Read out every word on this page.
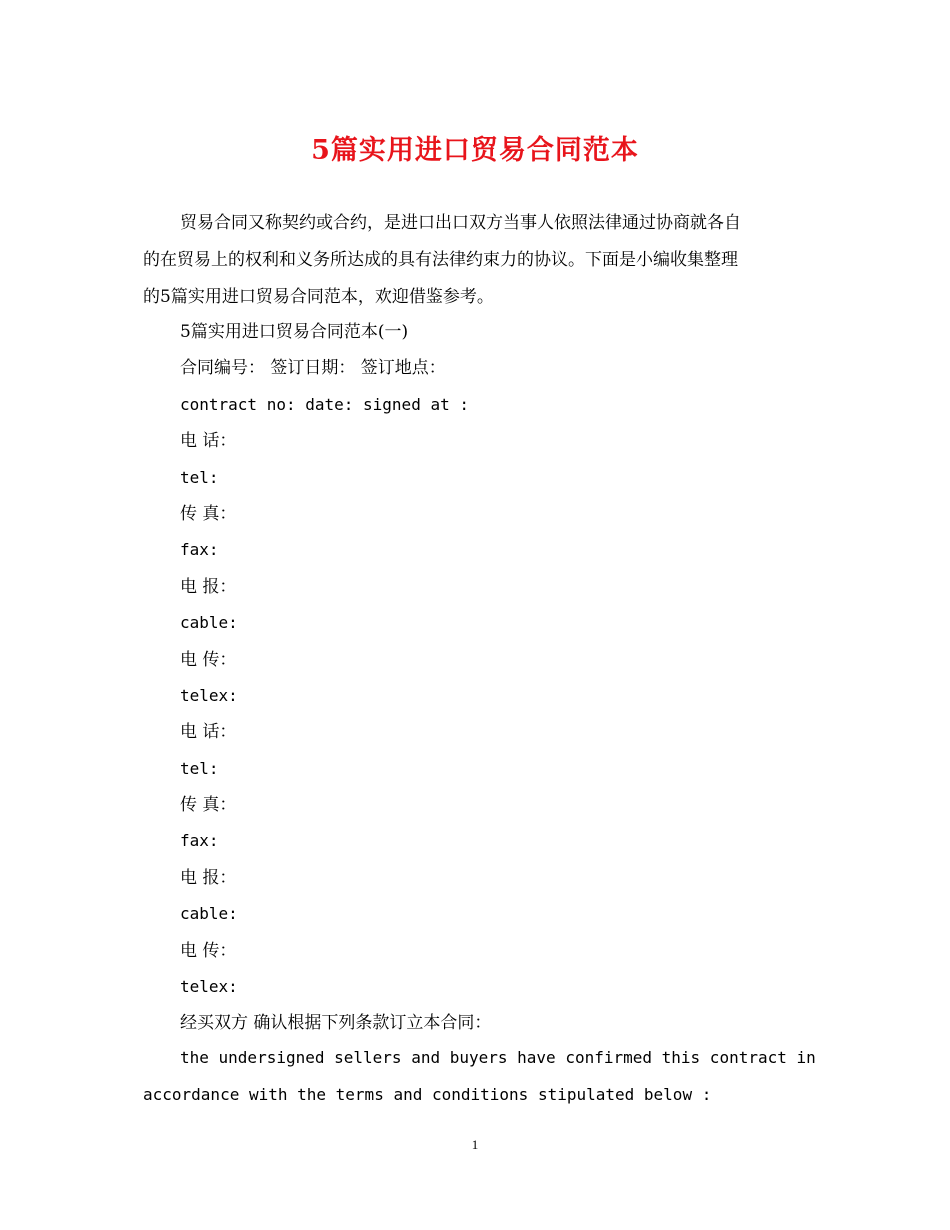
5篇实用进口贸易合同范本
贸易合同又称契约或合约，是进口出口双方当事人依照法律通过协商就各自
的在贸易上的权利和义务所达成的具有法律约束力的协议。下面是小编收集整理
的5篇实用进口贸易合同范本，欢迎借鉴参考。
5篇实用进口贸易合同范本(一)
合同编号： 签订日期： 签订地点：
contract no: date: signed at :
电 话：
tel:
传 真：
fax:
电 报：
cable:
电 传：
telex:
电 话：
tel:
传 真：
fax:
电 报：
cable:
电 传：
telex:
经买双方 确认根据下列条款订立本合同：
the undersigned sellers and buyers have confirmed this contract in
accordance with the terms and conditions stipulated below :
1
